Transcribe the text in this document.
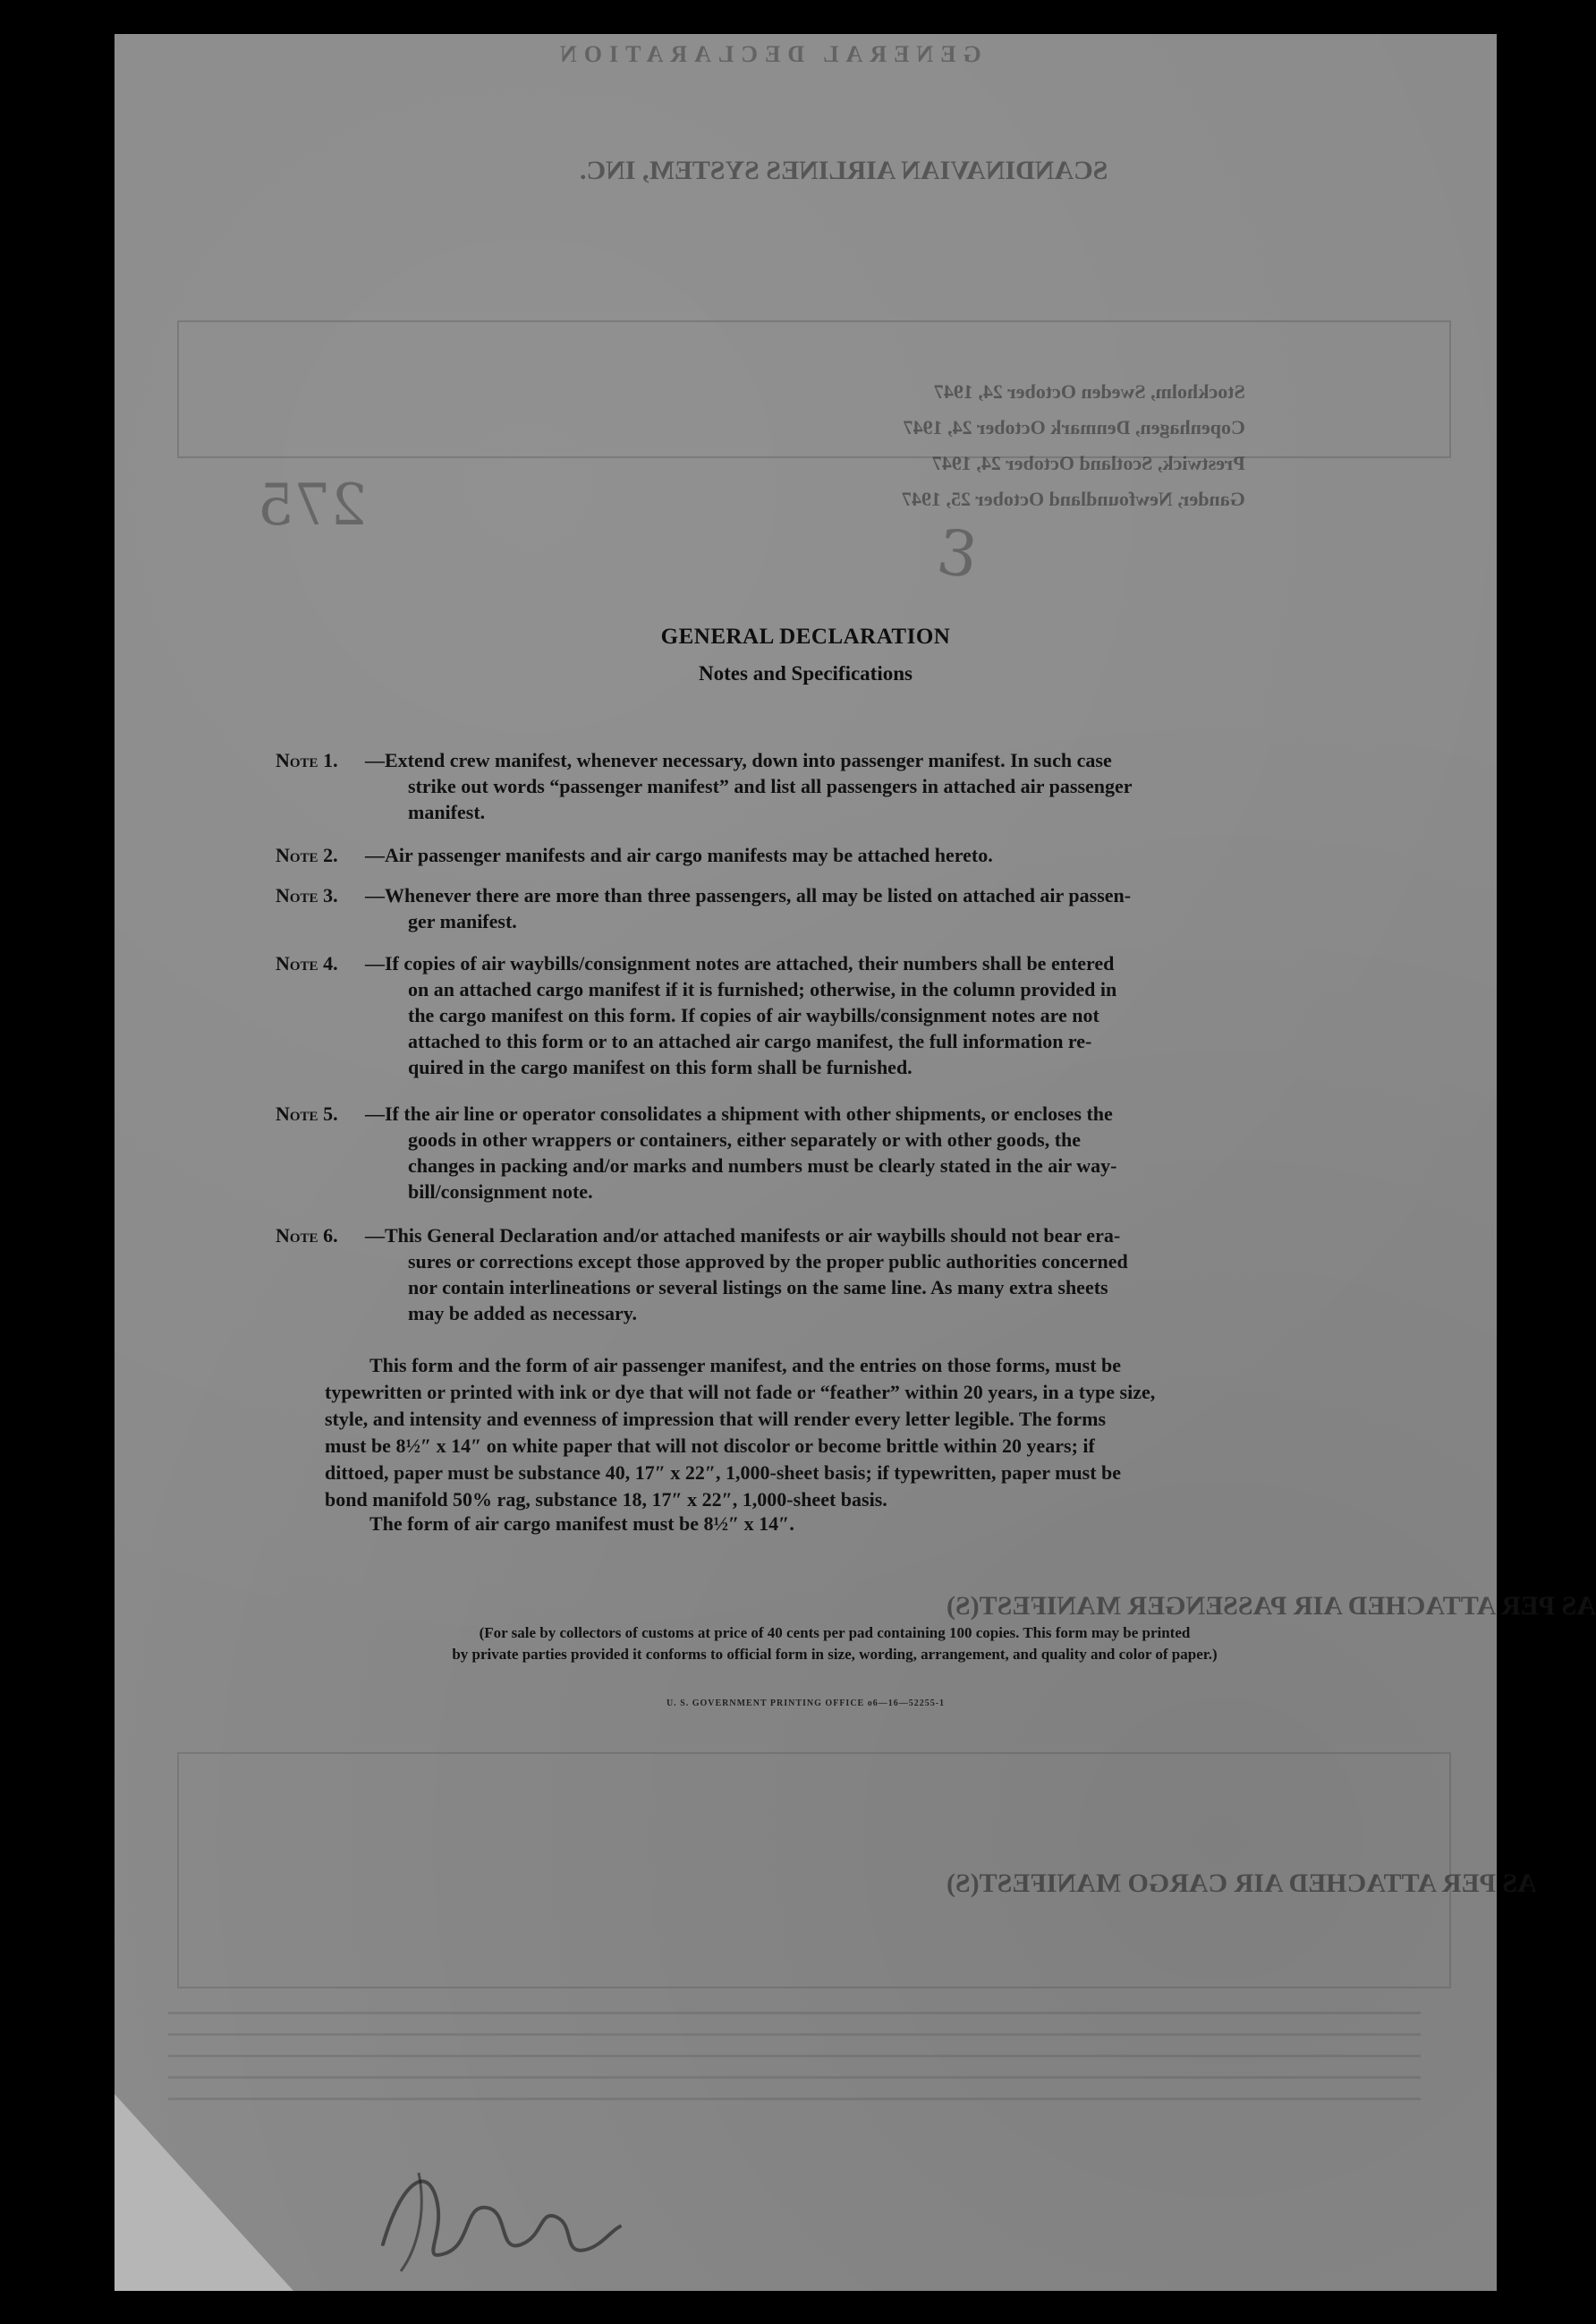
GENERAL DECLARATION
SCANDINAVIAN AIRLINES SYSTEM, INC.
Stockholm, Sweden October 24, 1947
Copenhagen, Denmark October 24, 1947
Prestwick, Scotland October 24, 1947
Gander, Newfoundland October 25, 1947
275
3
AS PER ATTACHED AIR PASSENGER MANIFEST(S)
AS PER ATTACHED AIR CARGO MANIFEST(S)
GENERAL DECLARATION
Notes and Specifications
Note 1. —Extend crew manifest, whenever necessary, down into passenger manifest. In such case
strike out words “passenger manifest” and list all passengers in attached air passenger
manifest.
Note 2. —Air passenger manifests and air cargo manifests may be attached hereto.
Note 3. —Whenever there are more than three passengers, all may be listed on attached air passen-
ger manifest.
Note 4. —If copies of air waybills/consignment notes are attached, their numbers shall be entered
on an attached cargo manifest if it is furnished; otherwise, in the column provided in
the cargo manifest on this form. If copies of air waybills/consignment notes are not
attached to this form or to an attached air cargo manifest, the full information re-
quired in the cargo manifest on this form shall be furnished.
Note 5. —If the air line or operator consolidates a shipment with other shipments, or encloses the
goods in other wrappers or containers, either separately or with other goods, the
changes in packing and/or marks and numbers must be clearly stated in the air way-
bill/consignment note.
Note 6. —This General Declaration and/or attached manifests or air waybills should not bear era-
sures or corrections except those approved by the proper public authorities concerned
nor contain interlineations or several listings on the same line. As many extra sheets
may be added as necessary.
This form and the form of air passenger manifest, and the entries on those forms, must be
typewritten or printed with ink or dye that will not fade or “feather” within 20 years, in a type size,
style, and intensity and evenness of impression that will render every letter legible. The forms
must be 8½″ x 14″ on white paper that will not discolor or become brittle within 20 years; if
dittoed, paper must be substance 40, 17″ x 22″, 1,000-sheet basis; if typewritten, paper must be
bond manifold 50% rag, substance 18, 17″ x 22″, 1,000-sheet basis.
The form of air cargo manifest must be 8½″ x 14″.
(For sale by collectors of customs at price of 40 cents per pad containing 100 copies. This form may be printed
by private parties provided it conforms to official form in size, wording, arrangement, and quality and color of paper.)
U. S. GOVERNMENT PRINTING OFFICE o6—16—52255-1
